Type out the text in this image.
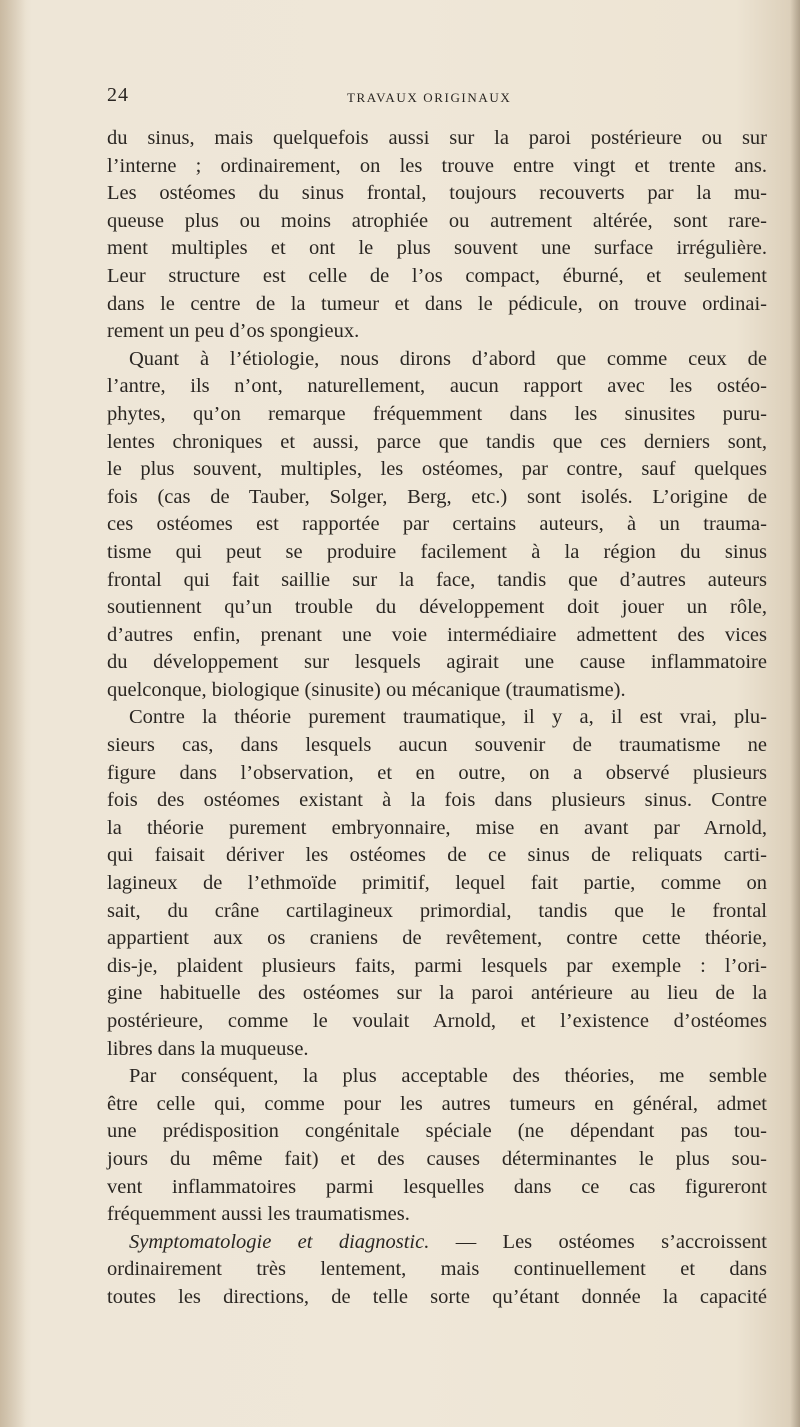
24	TRAVAUX ORIGINAUX
du sinus, mais quelquefois aussi sur la paroi postérieure ou sur
l’interne ; ordinairement, on les trouve entre vingt et trente ans.
Les ostéomes du sinus frontal, toujours recouverts par la mu-
queuse plus ou moins atrophiée ou autrement altérée, sont rare-
ment multiples et ont le plus souvent une surface irrégulière.
Leur structure est celle de l’os compact, éburné, et seulement
dans le centre de la tumeur et dans le pédicule, on trouve ordinai-
rement un peu d’os spongieux.
Quant à l’étiologie, nous dirons d’abord que comme ceux de
l’antre, ils n’ont, naturellement, aucun rapport avec les ostéo-
phytes, qu’on remarque fréquemment dans les sinusites puru-
lentes chroniques et aussi, parce que tandis que ces derniers sont,
le plus souvent, multiples, les ostéomes, par contre, sauf quelques
fois (cas de Tauber, Solger, Berg, etc.) sont isolés. L’origine de
ces ostéomes est rapportée par certains auteurs, à un trauma-
tisme qui peut se produire facilement à la région du sinus
frontal qui fait saillie sur la face, tandis que d’autres auteurs
soutiennent qu’un trouble du développement doit jouer un rôle,
d’autres enfin, prenant une voie intermédiaire admettent des vices
du développement sur lesquels agirait une cause inflammatoire
quelconque, biologique (sinusite) ou mécanique (traumatisme).
Contre la théorie purement traumatique, il y a, il est vrai, plu-
sieurs cas, dans lesquels aucun souvenir de traumatisme ne
figure dans l’observation, et en outre, on a observé plusieurs
fois des ostéomes existant à la fois dans plusieurs sinus. Contre
la théorie purement embryonnaire, mise en avant par Arnold,
qui faisait dériver les ostéomes de ce sinus de reliquats carti-
lagineux de l’ethmoïde primitif, lequel fait partie, comme on
sait, du crâne cartilagineux primordial, tandis que le frontal
appartient aux os craniens de revêtement, contre cette théorie,
dis-je, plaident plusieurs faits, parmi lesquels par exemple : l’ori-
gine habituelle des ostéomes sur la paroi antérieure au lieu de la
postérieure, comme le voulait Arnold, et l’existence d’ostéomes
libres dans la muqueuse.
Par conséquent, la plus acceptable des théories, me semble
être celle qui, comme pour les autres tumeurs en général, admet
une prédisposition congénitale spéciale (ne dépendant pas tou-
jours du même fait) et des causes déterminantes le plus sou-
vent inflammatoires parmi lesquelles dans ce cas figureront
fréquemment aussi les traumatismes.
Symptomatologie et diagnostic. — Les ostéomes s’accroissent
ordinairement très lentement, mais continuellement et dans
toutes les directions, de telle sorte qu’étant donnée la capacité
